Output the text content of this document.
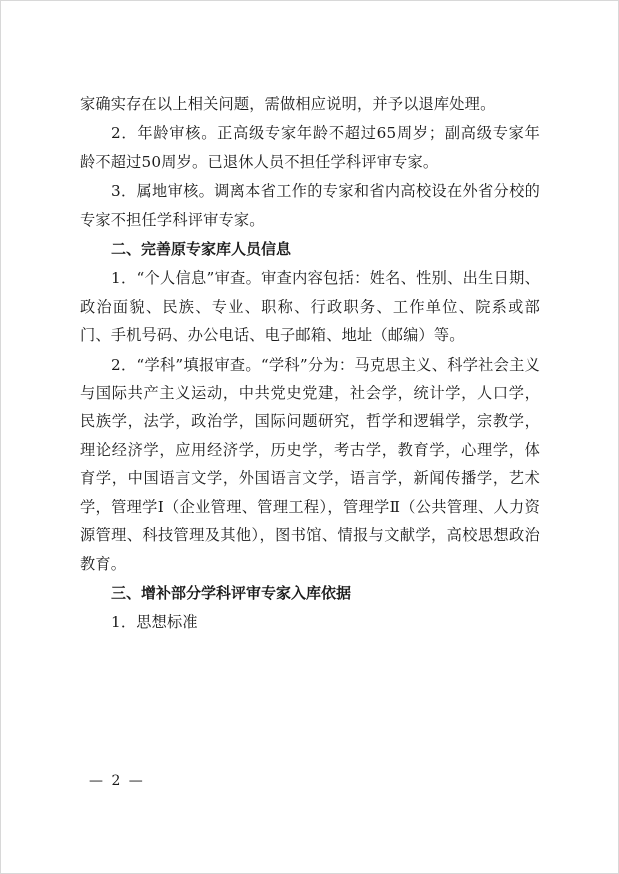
家确实存在以上相关问题，需做相应说明，并予以退库处理。

2．年龄审核。正高级专家年龄不超过65周岁；副高级专家年龄不超过50周岁。已退休人员不担任学科评审专家。

3．属地审核。调离本省工作的专家和省内高校设在外省分校的专家不担任学科评审专家。

二、完善原专家库人员信息

1．“个人信息”审查。审查内容包括：姓名、性别、出生日期、政治面貌、民族、专业、职称、行政职务、工作单位、院系或部门、手机号码、办公电话、电子邮箱、地址（邮编）等。

2．“学科”填报审查。“学科”分为：马克思主义、科学社会主义与国际共产主义运动，中共党史党建，社会学，统计学，人口学，民族学，法学，政治学，国际问题研究，哲学和逻辑学，宗教学，理论经济学，应用经济学，历史学，考古学，教育学，心理学，体育学，中国语言文学，外国语言文学，语言学，新闻传播学，艺术学，管理学Ⅰ（企业管理、管理工程），管理学Ⅱ（公共管理、人力资源管理、科技管理及其他），图书馆、情报与文献学，高校思想政治教育。

三、增补部分学科评审专家入库依据

1．思想标准

— 2 —
